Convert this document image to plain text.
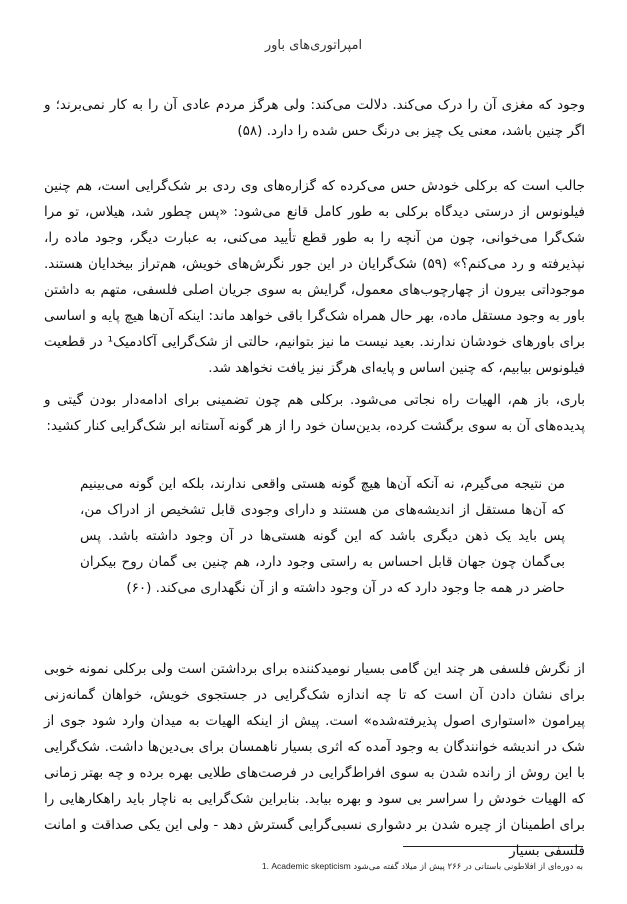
امپراتوری‌های باور

وجود که مغزی آن را درک می‌کند. دلالت می‌کند: ولی هرگز مردم عادی آن را به کار نمی‌برند؛ و اگر چنین باشد، معنی یک چیز بی درنگ حس شده را دارد. (۵۸)

جالب است که برکلی خودش حس می‌کرده که گزاره‌های وی ردی بر شک‌گرایی است، هم چنین فیلونوس از درستی دیدگاه برکلی به طور کامل قانع می‌شود: «پس چطور شد، هیلاس، تو مرا شک‌گرا می‌خوانی، چون من آنچه را به طور قطع تأیید می‌کنی، به عبارت دیگر، وجود ماده را، نپذیرفته و رد می‌کنم؟» (۵۹) شک‌گرایان در این جور نگرش‌های خویش، هم‌تراز بیخدایان هستند. موجوداتی بیرون از چهارچوب‌های معمول، گرایش به سوی جریان اصلی فلسفی، متهم به داشتن باور به وجود مستقل ماده، بهر حال همراه شک‌گرا باقی خواهد ماند: اینکه آن‌ها هیچ پایه و اساسی برای باورهای خودشان ندارند. بعید نیست ما نیز بتوانیم، حالتی از شک‌گرایی آکادمیک¹ در قطعیت فیلونوس بیابیم، که چنین اساس و پایه‌ای هرگز نیز یافت نخواهد شد.

باری، باز هم، الهیات راه نجاتی می‌شود. برکلی هم چون تضمینی برای ادامه‌دار بودن گیتی و پدیده‌های آن به سوی برگشت کرده، بدین‌سان خود را از هر گونه آستانه ابر شک‌گرایی کنار کشید:

من نتیجه می‌گیرم، نه آنکه آن‌ها هیچ گونه هستی واقعی ندارند، بلکه این گونه می‌بینیم که آن‌ها مستقل از اندیشه‌های من هستند و دارای وجودی قابل تشخیص از ادراک من، پس باید یک ذهن دیگری باشد که این گونه هستی‌ها در آن وجود داشته باشد. پس بی‌گمان چون جهان قابل احساس به راستی وجود دارد، هم چنین بی گمان روح بیکران حاضر در همه جا وجود دارد که در آن وجود داشته و از آن نگهداری می‌کند. (۶۰)

از نگرش فلسفی هر چند این گامی بسیار نومیدکننده برای برداشتن است ولی برکلی نمونه خوبی برای نشان دادن آن است که تا چه اندازه شک‌گرایی در جستجوی خویش، خواهان گمانه‌زنی پیرامون «استواری اصول پذیرفته‌شده» است. پیش از اینکه الهیات به میدان وارد شود جوی از شک در اندیشه خوانندگان به وجود آمده که اثری بسیار ناهمسان برای بی‌دین‌ها داشت. شک‌گرایی با این روش از رانده شدن به سوی افراط‌گرایی در فرصت‌های طلایی بهره برده و چه بهتر زمانی که الهیات خودش را سراسر بی سود و بهره بیابد. بنابراین شک‌گرایی به ناچار باید راهکارهایی را برای اطمینان از چیره شدن بر دشواری نسبی‌گرایی گسترش دهد - ولی این یکی صداقت و امانت فلسفی بسیار

به دوره‌ای از افلاطونی باستانی در ۲۶۶ پیش از میلاد گفته می‌شود 1. Academic skepticism
